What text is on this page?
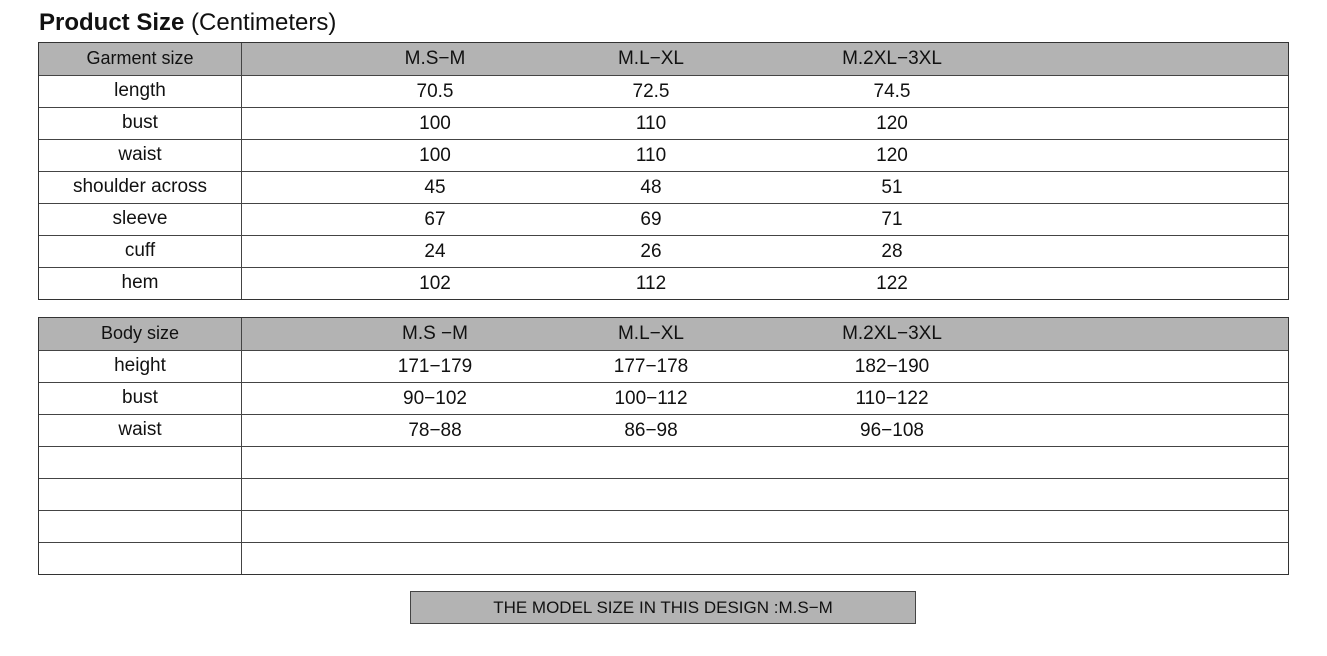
Product Size (Centimeters)
Garment size	M.S−M	M.L−XL	M.2XL−3XL
length	70.5	72.5	74.5
bust	100	110	120
waist	100	110	120
shoulder across	45	48	51
sleeve	67	69	71
cuff	24	26	28
hem	102	112	122
Body size	M.S −M	M.L−XL	M.2XL−3XL
height	171−179	177−178	182−190
bust	90−102	100−112	110−122
waist	78−88	86−98	96−108
THE MODEL SIZE IN THIS DESIGN :M.S−M
